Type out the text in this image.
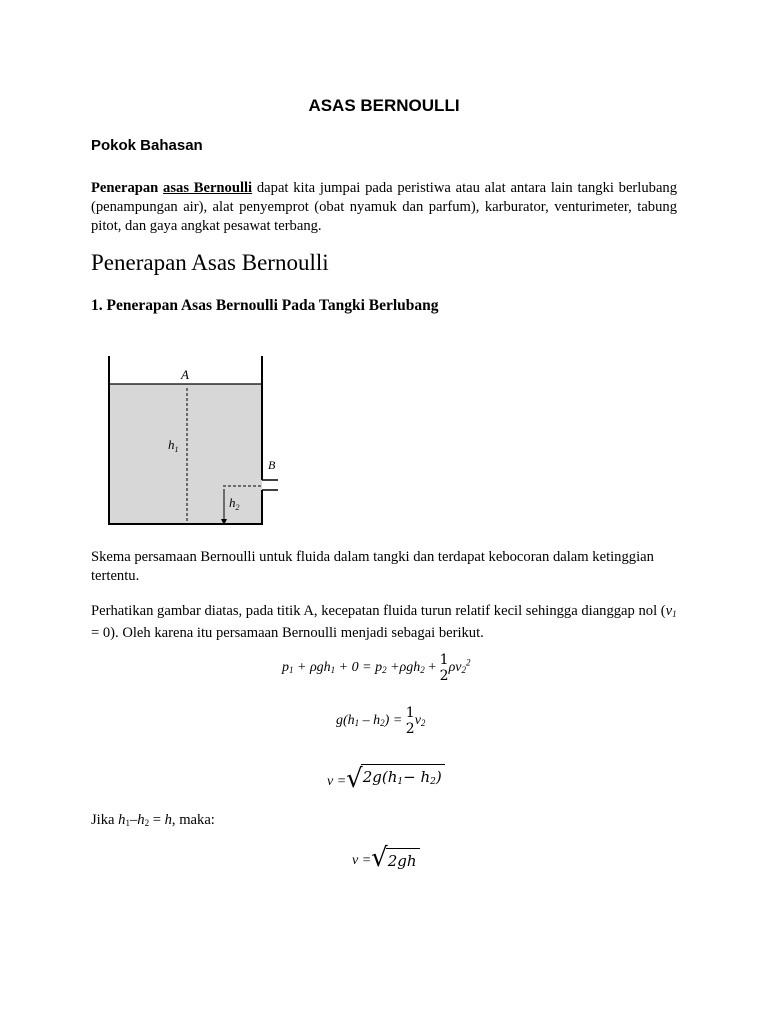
ASAS BERNOULLI
Pokok Bahasan
Penerapan asas Bernoulli dapat kita jumpai pada peristiwa atau alat antara lain tangki berlubang (penampungan air), alat penyemprot (obat nyamuk dan parfum), karburator, venturimeter, tabung pitot, dan gaya angkat pesawat terbang.
Penerapan Asas Bernoulli
1. Penerapan Asas Bernoulli Pada Tangki Berlubang
A
B
$h_1$
$h_2$
Skema persamaan Bernoulli untuk fluida dalam tangki dan terdapat kebocoran dalam ketinggian tertentu.
Perhatikan gambar diatas, pada titik A, kecepatan fluida turun relatif kecil sehingga dianggap nol $(v_1 = 0)$. Oleh karena itu persamaan Bernoulli menjadi sebagai berikut.
$p_1 + \rho gh_1 + 0 = p_2 +\rho gh_2 + 1$
2
$\rho v_2^2$
$g(h_1 - h_2) = 1$
2
$v_2$
v = √ $2g(h_1- h_2)$
Jika $h_1-h_2 = h$, maka:
v = √ 2gh
